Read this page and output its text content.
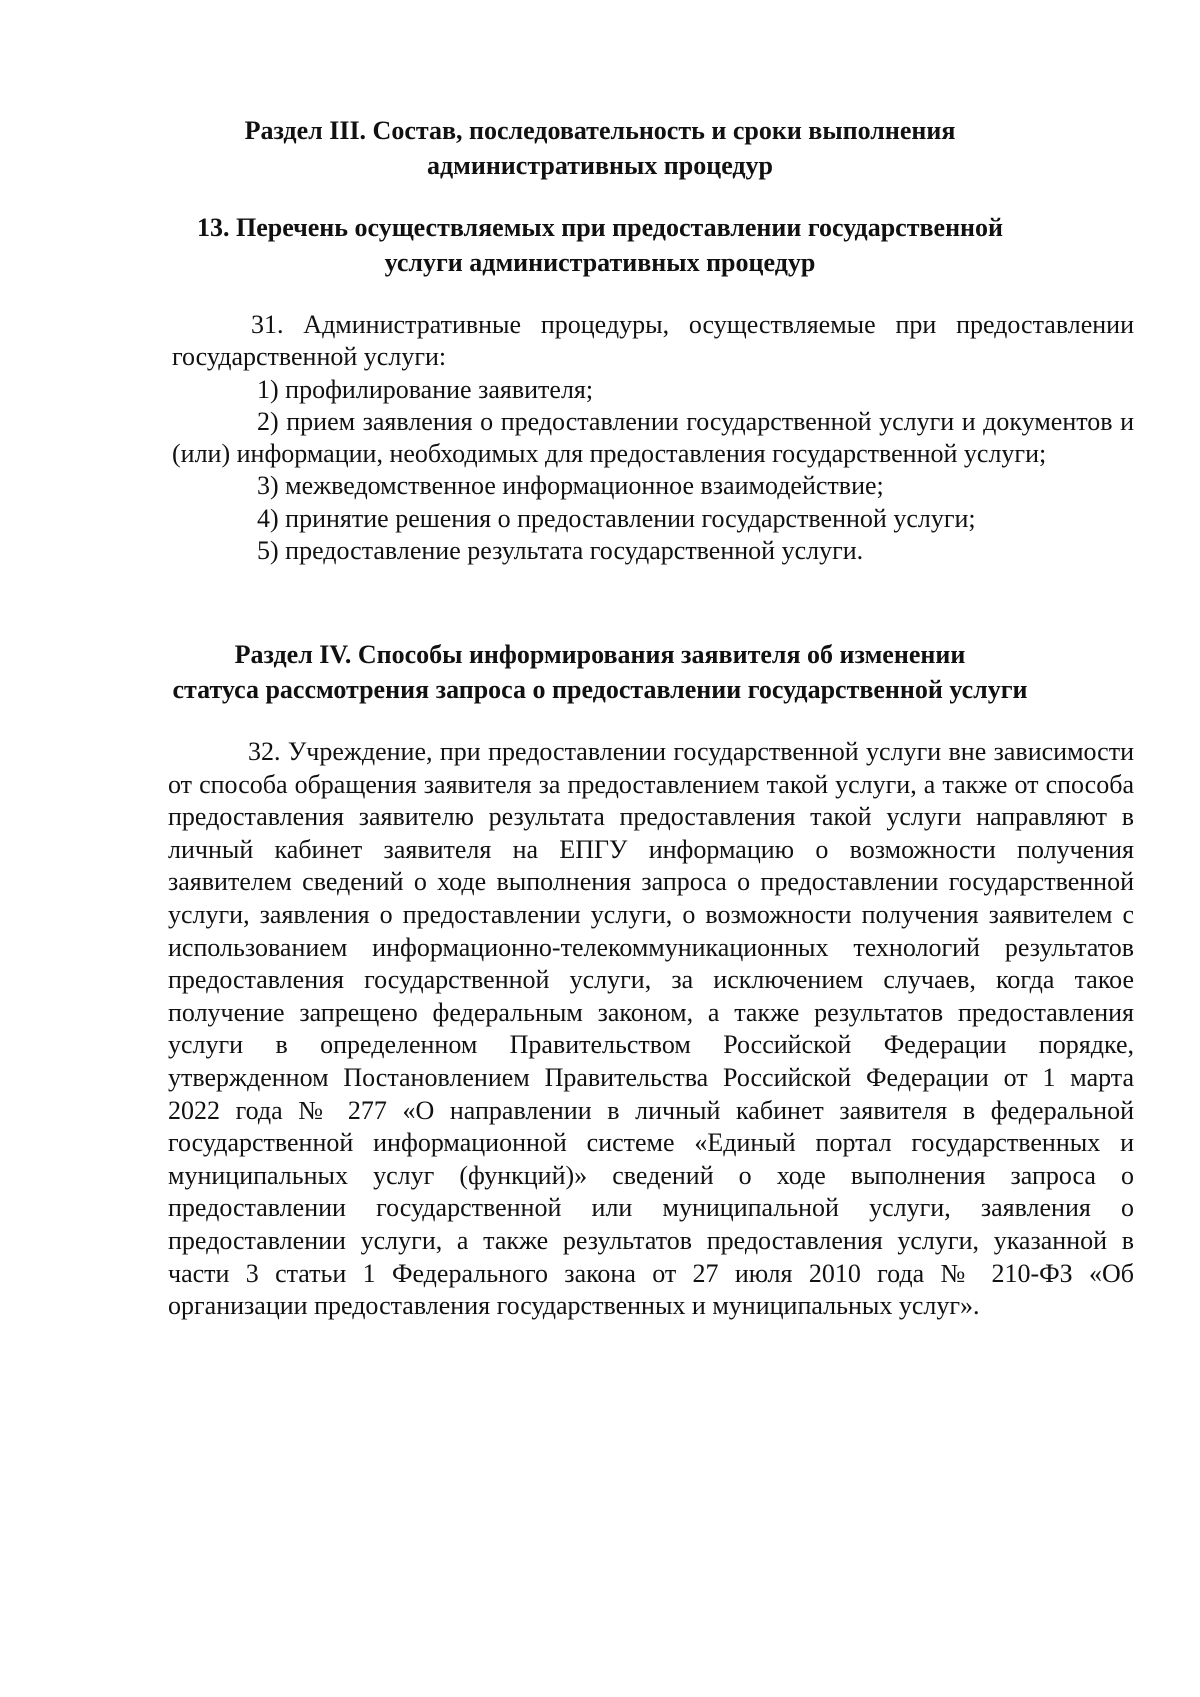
Раздел III. Состав, последовательность и сроки выполнения
административных процедур
13. Перечень осуществляемых при предоставлении государственной
услуги административных процедур
31. Административные процедуры, осуществляемые при предоставлении государственной услуги:
1) профилирование заявителя;
2) прием заявления о предоставлении государственной услуги и документов и (или) информации, необходимых для предоставления государственной услуги;
3) межведомственное информационное взаимодействие;
4) принятие решения о предоставлении государственной услуги;
5) предоставление результата государственной услуги.
Раздел IV. Способы информирования заявителя об изменении
статуса рассмотрения запроса о предоставлении государственной услуги
32. Учреждение, при предоставлении государственной услуги вне зависимости от способа обращения заявителя за предоставлением такой услуги, а также от способа предоставления заявителю результата предоставления такой услуги направляют в личный кабинет заявителя на ЕПГУ информацию о возможности получения заявителем сведений о ходе выполнения запроса о предоставлении государственной услуги, заявления о предоставлении услуги, о возможности получения заявителем с использованием информационно-телекоммуникационных технологий результатов предоставления государственной услуги, за исключением случаев, когда такое получение запрещено федеральным законом, а также результатов предоставления услуги в определенном Правительством Российской Федерации порядке, утвержденном Постановлением Правительства Российской Федерации от 1 марта 2022 года № 277 «О направлении в личный кабинет заявителя в федеральной государственной информационной системе «Единый портал государственных и муниципальных услуг (функций)» сведений о ходе выполнения запроса о предоставлении государственной или муниципальной услуги, заявления о предоставлении услуги, а также результатов предоставления услуги, указанной в части 3 статьи 1 Федерального закона от 27 июля 2010 года № 210-ФЗ «Об организации предоставления государственных и муниципальных услуг».
